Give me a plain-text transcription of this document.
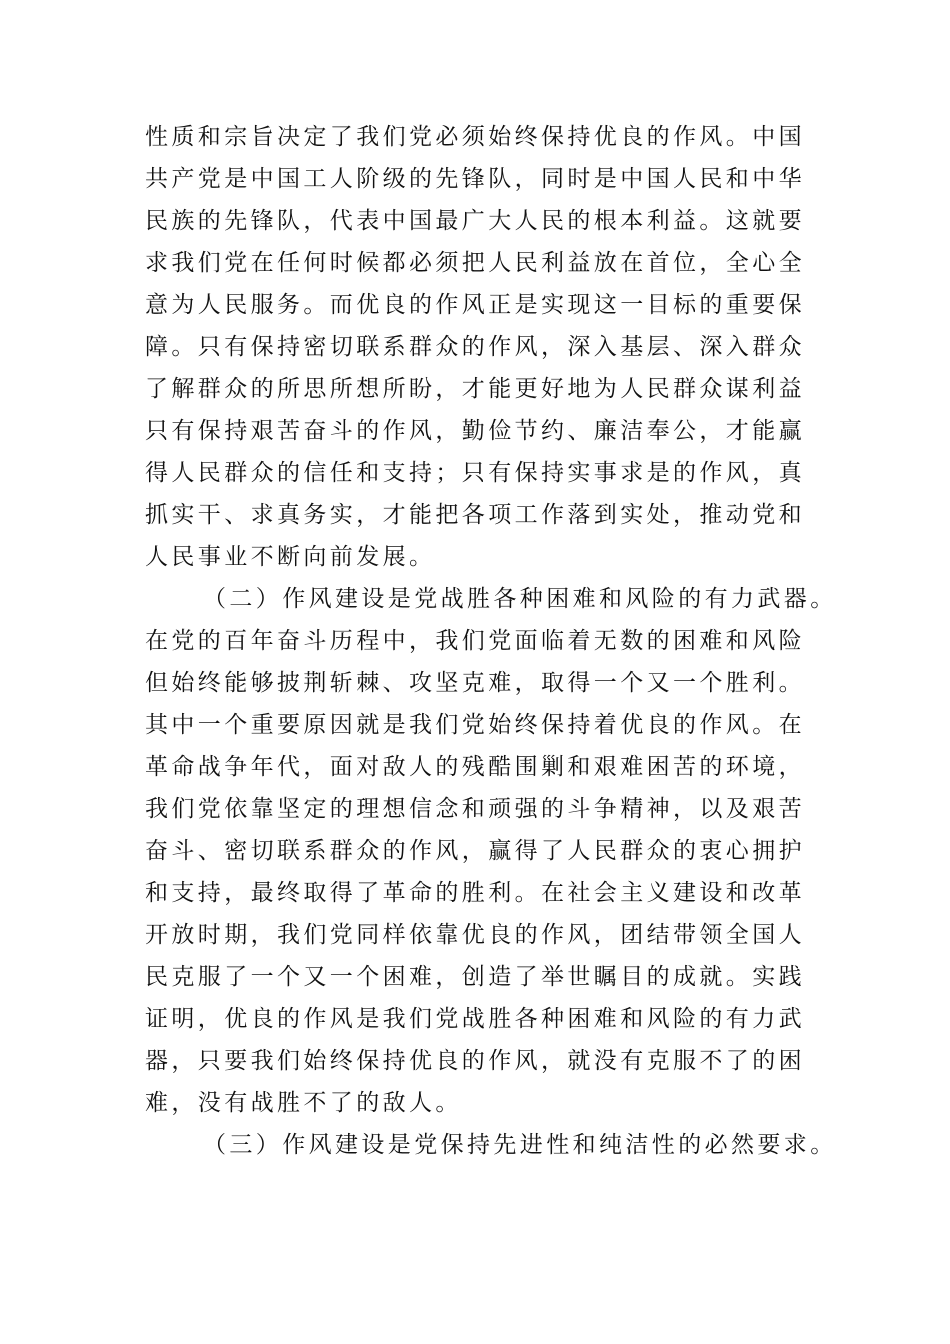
性质和宗旨决定了我们党必须始终保持优良的作风。中国
共产党是中国工人阶级的先锋队，同时是中国人民和中华
民族的先锋队，代表中国最广大人民的根本利益。这就要
求我们党在任何时候都必须把人民利益放在首位，全心全
意为人民服务。而优良的作风正是实现这一目标的重要保
障。只有保持密切联系群众的作风，深入基层、深入群众
了解群众的所思所想所盼，才能更好地为人民群众谋利益
只有保持艰苦奋斗的作风，勤俭节约、廉洁奉公，才能赢
得人民群众的信任和支持；只有保持实事求是的作风，真
抓实干、求真务实，才能把各项工作落到实处，推动党和
人民事业不断向前发展。
（二）作风建设是党战胜各种困难和风险的有力武器。
在党的百年奋斗历程中，我们党面临着无数的困难和风险
但始终能够披荆斩棘、攻坚克难，取得一个又一个胜利。
其中一个重要原因就是我们党始终保持着优良的作风。在
革命战争年代，面对敌人的残酷围剿和艰难困苦的环境，
我们党依靠坚定的理想信念和顽强的斗争精神，以及艰苦
奋斗、密切联系群众的作风，赢得了人民群众的衷心拥护
和支持，最终取得了革命的胜利。在社会主义建设和改革
开放时期，我们党同样依靠优良的作风，团结带领全国人
民克服了一个又一个困难，创造了举世瞩目的成就。实践
证明，优良的作风是我们党战胜各种困难和风险的有力武
器，只要我们始终保持优良的作风，就没有克服不了的困
难，没有战胜不了的敌人。
（三）作风建设是党保持先进性和纯洁性的必然要求。
